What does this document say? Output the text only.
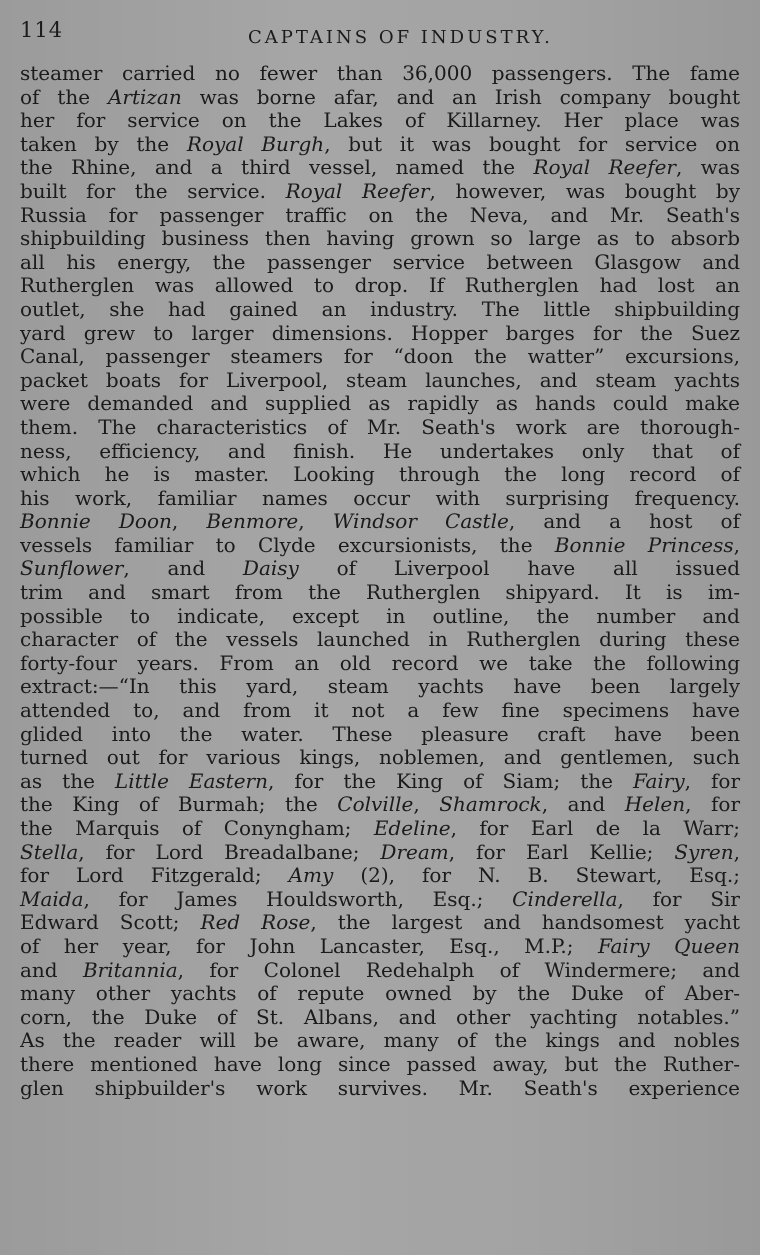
114	CAPTAINS OF INDUSTRY.
steamer carried no fewer than 36,000 passengers. The fame
of the Artizan was borne afar, and an Irish company bought
her for service on the Lakes of Killarney. Her place was
taken by the Royal Burgh, but it was bought for service on
the Rhine, and a third vessel, named the Royal Reefer, was
built for the service. Royal Reefer, however, was bought by
Russia for passenger traffic on the Neva, and Mr. Seath's
shipbuilding business then having grown so large as to absorb
all his energy, the passenger service between Glasgow and
Rutherglen was allowed to drop. If Rutherglen had lost an
outlet, she had gained an industry. The little shipbuilding
yard grew to larger dimensions. Hopper barges for the Suez
Canal, passenger steamers for “doon the watter” excursions,
packet boats for Liverpool, steam launches, and steam yachts
were demanded and supplied as rapidly as hands could make
them. The characteristics of Mr. Seath's work are thorough-
ness, efficiency, and finish. He undertakes only that of
which he is master. Looking through the long record of
his work, familiar names occur with surprising frequency.
Bonnie Doon, Benmore, Windsor Castle, and a host of
vessels familiar to Clyde excursionists, the Bonnie Princess,
Sunflower, and Daisy of Liverpool have all issued
trim and smart from the Rutherglen shipyard. It is im-
possible to indicate, except in outline, the number and
character of the vessels launched in Rutherglen during these
forty-four years. From an old record we take the following
extract:—“In this yard, steam yachts have been largely
attended to, and from it not a few fine specimens have
glided into the water. These pleasure craft have been
turned out for various kings, noblemen, and gentlemen, such
as the Little Eastern, for the King of Siam; the Fairy, for
the King of Burmah; the Colville, Shamrock, and Helen, for
the Marquis of Conyngham; Edeline, for Earl de la Warr;
Stella, for Lord Breadalbane; Dream, for Earl Kellie; Syren,
for Lord Fitzgerald; Amy (2), for N. B. Stewart, Esq.;
Maida, for James Houldsworth, Esq.; Cinderella, for Sir
Edward Scott; Red Rose, the largest and handsomest yacht
of her year, for John Lancaster, Esq., M.P.; Fairy Queen
and Britannia, for Colonel Redehalph of Windermere; and
many other yachts of repute owned by the Duke of Aber-
corn, the Duke of St. Albans, and other yachting notables.”
As the reader will be aware, many of the kings and nobles
there mentioned have long since passed away, but the Ruther-
glen shipbuilder's work survives. Mr. Seath's experience
